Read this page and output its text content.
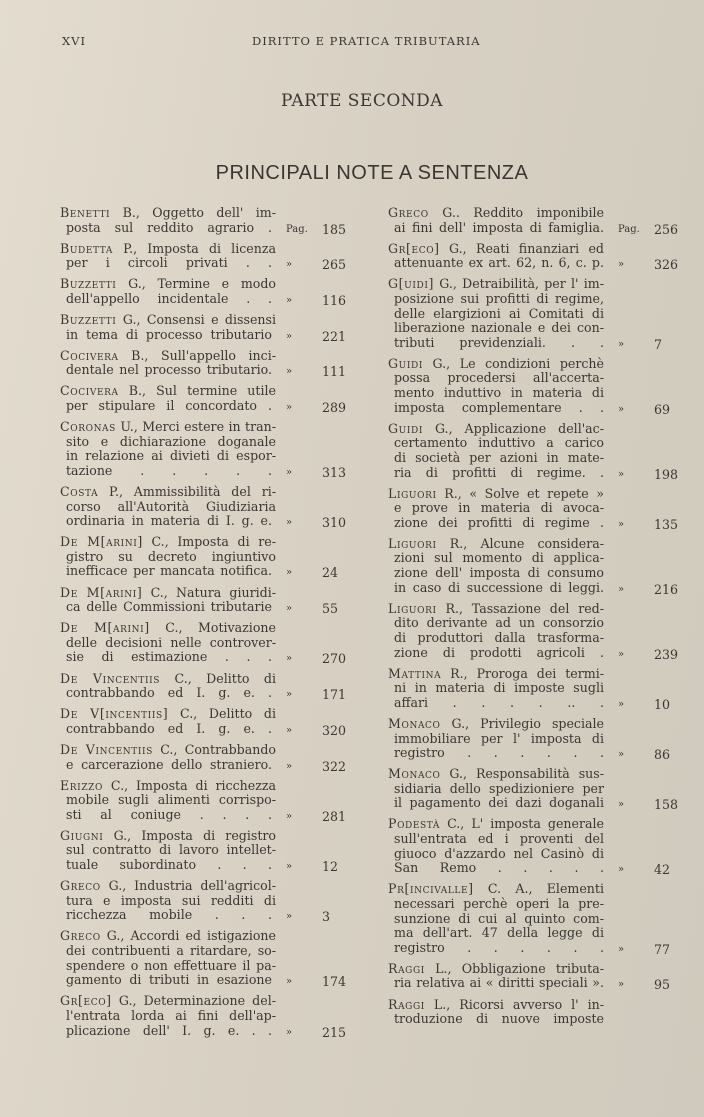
XVI	DIRITTO E PRATICA TRIBUTARIA
PARTE SECONDA
PRINCIPALI NOTE A SENTENZA
Benetti B., Oggetto dell' im-
posta sul reddito agrario . Pag.	185
Budetta P., Imposta di licenza
per i circoli privati . . »	265
Buzzetti G., Termine e modo
dell'appello incidentale . . »	116
Buzzetti G., Consensi e dissensi
in tema di processo tributario »	221
Cocivera B., Sull'appello inci-
dentale nel processo tributario. »	111
Cocivera B., Sul termine utile
per stipulare il concordato . »	289
Coronas U., Merci estere in tran-
sito e dichiarazione doganale
in relazione ai divieti di espor-
tazione . . . . . »	313
Costa P., Ammissibilità del ri-
corso all'Autorità Giudiziaria
ordinaria in materia di I. g. e. »	310
De M[arini] C., Imposta di re-
gistro su decreto ingiuntivo
inefficace per mancata notifica. »	24
De M[arini] C., Natura giuridi-
ca delle Commissioni tributarie »	55
De M[arini] C., Motivazione
delle decisioni nelle controver-
sie di estimazione . . . »	270
De Vincentiis C., Delitto di
contrabbando ed I. g. e. . »	171
De V[incentiis] C., Delitto di
contrabbando ed I. g. e. . »	320
De Vincentiis C., Contrabbando
e carcerazione dello straniero. »	322
Erizzo C., Imposta di ricchezza
mobile sugli alimenti corrispo-
sti al coniuge . . . . »	281
Giugni G., Imposta di registro
sul contratto di lavoro intellet-
tuale subordinato . . . »	12
Greco G., Industria dell'agricol-
tura e imposta sui redditi di
ricchezza mobile . . . »	3
Greco G., Accordi ed istigazione
dei contribuenti a ritardare, so-
spendere o non effettuare il pa-
gamento di tributi in esazione »	174
Gr[eco] G., Determinazione del-
l'entrata lorda ai fini dell'ap-
plicazione dell' I. g. e. . . »	215
Greco G.. Reddito imponibile
ai fini dell' imposta di famiglia. Pag.	256
Gr[eco] G., Reati finanziari ed
attenuante ex art. 62, n. 6, c. p. »	326
G[uidi] G., Detraibilità, per l' im-
posizione sui profitti di regime,
delle elargizioni ai Comitati di
liberazione nazionale e dei con-
tributi previdenziali. . . »	7
Guidi G., Le condizioni perchè
possa procedersi all'accerta-
mento induttivo in materia di
imposta complementare . . »	69
Guidi G., Applicazione dell'ac-
certamento induttivo a carico
di società per azioni in mate-
ria di profitti di regime. . »	198
Liguori R., « Solve et repete »
e prove in materia di avoca-
zione dei profitti di regime . »	135
Liguori R., Alcune considera-
zioni sul momento di applica-
zione dell' imposta di consumo
in caso di successione di leggi. »	216
Liguori R., Tassazione del red-
dito derivante ad un consorzio
di produttori dalla trasforma-
zione di prodotti agricoli . »	239
Mattina R., Proroga dei termi-
ni in materia di imposte sugli
affari . . . . .. . »	10
Monaco G., Privilegio speciale
immobiliare per l' imposta di
registro . . . . . . »	86
Monaco G., Responsabilità sus-
sidiaria dello spedizioniere per
il pagamento dei dazi doganali »	158
Podestà C., L' imposta generale
sull'entrata ed i proventi del
giuoco d'azzardo nel Casinò di
San Remo . . . . . »	42
Pr[incivalle] C. A., Elementi
necessari perchè operi la pre-
sunzione di cui al quinto com-
ma dell'art. 47 della legge di
registro . . . . . . »	77
Raggi L., Obbligazione tributa-
ria relativa ai « diritti speciali ». »	95
Raggi L., Ricorsi avverso l' in-
troduzione di nuove imposte
